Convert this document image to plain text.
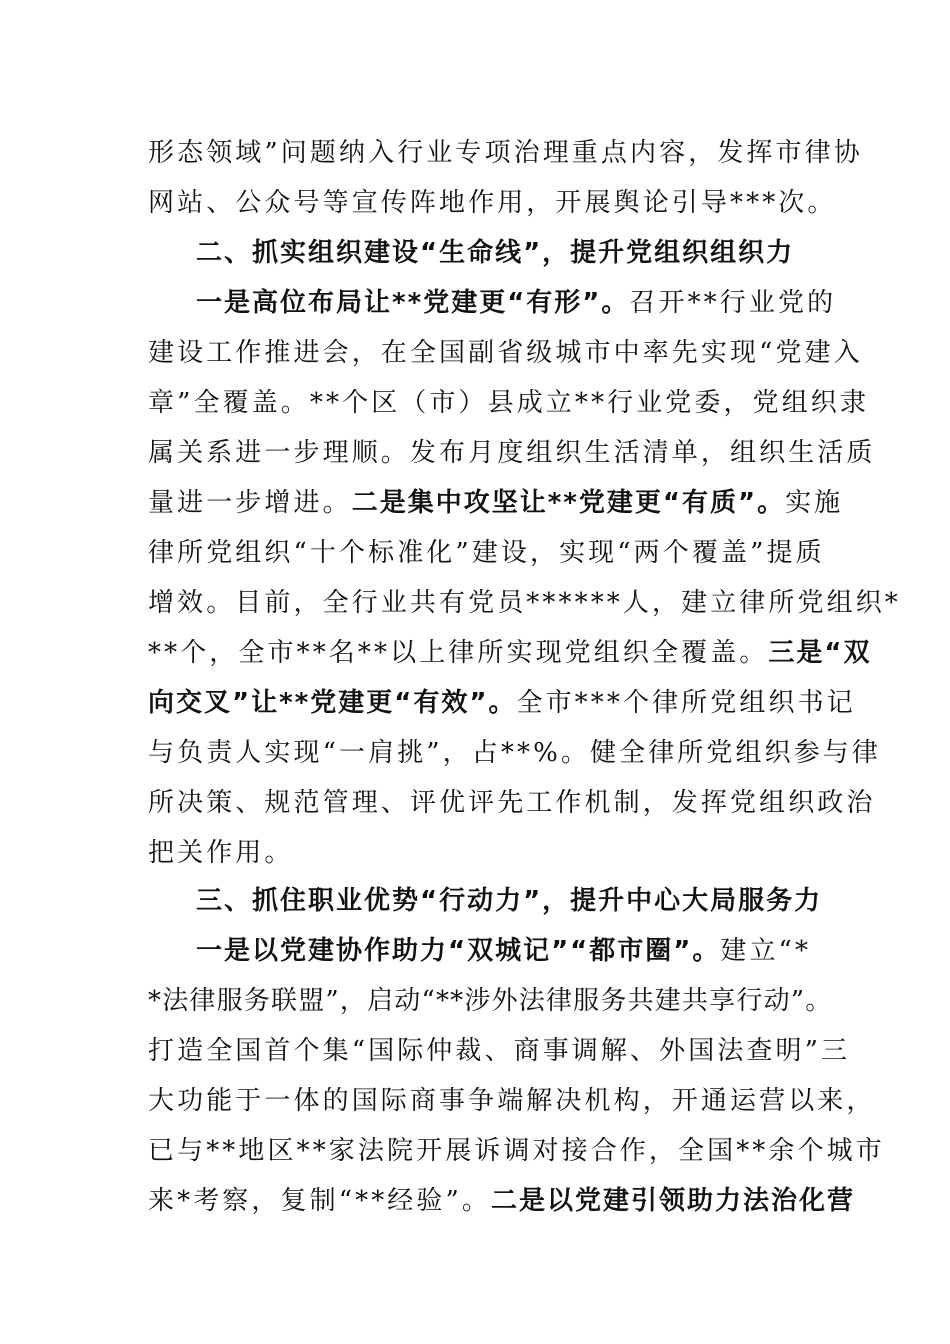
形态领域”问题纳入行业专项治理重点内容，发挥市律协
网站、公众号等宣传阵地作用，开展舆论引导***次。
二、抓实组织建设“生命线”，提升党组织组织力
一是高位布局让**党建更“有形”。召开**行业党的
建设工作推进会，在全国副省级城市中率先实现“党建入
章”全覆盖。**个区（市）县成立**行业党委，党组织隶
属关系进一步理顺。发布月度组织生活清单，组织生活质
量进一步增进。二是集中攻坚让**党建更“有质”。实施
律所党组织“十个标准化”建设，实现“两个覆盖”提质
增效。目前，全行业共有党员******人，建立律所党组织*
**个，全市**名**以上律所实现党组织全覆盖。三是“双
向交叉”让**党建更“有效”。全市***个律所党组织书记
与负责人实现“一肩挑”，占**%。健全律所党组织参与律
所决策、规范管理、评优评先工作机制，发挥党组织政治
把关作用。
三、抓住职业优势“行动力”，提升中心大局服务力
一是以党建协作助力“双城记”“都市圈”。建立“*
*法律服务联盟”，启动“**涉外法律服务共建共享行动”。
打造全国首个集“国际仲裁、商事调解、外国法查明”三
大功能于一体的国际商事争端解决机构，开通运营以来，
已与**地区**家法院开展诉调对接合作，全国**余个城市
来*考察，复制“**经验”。二是以党建引领助力法治化营
